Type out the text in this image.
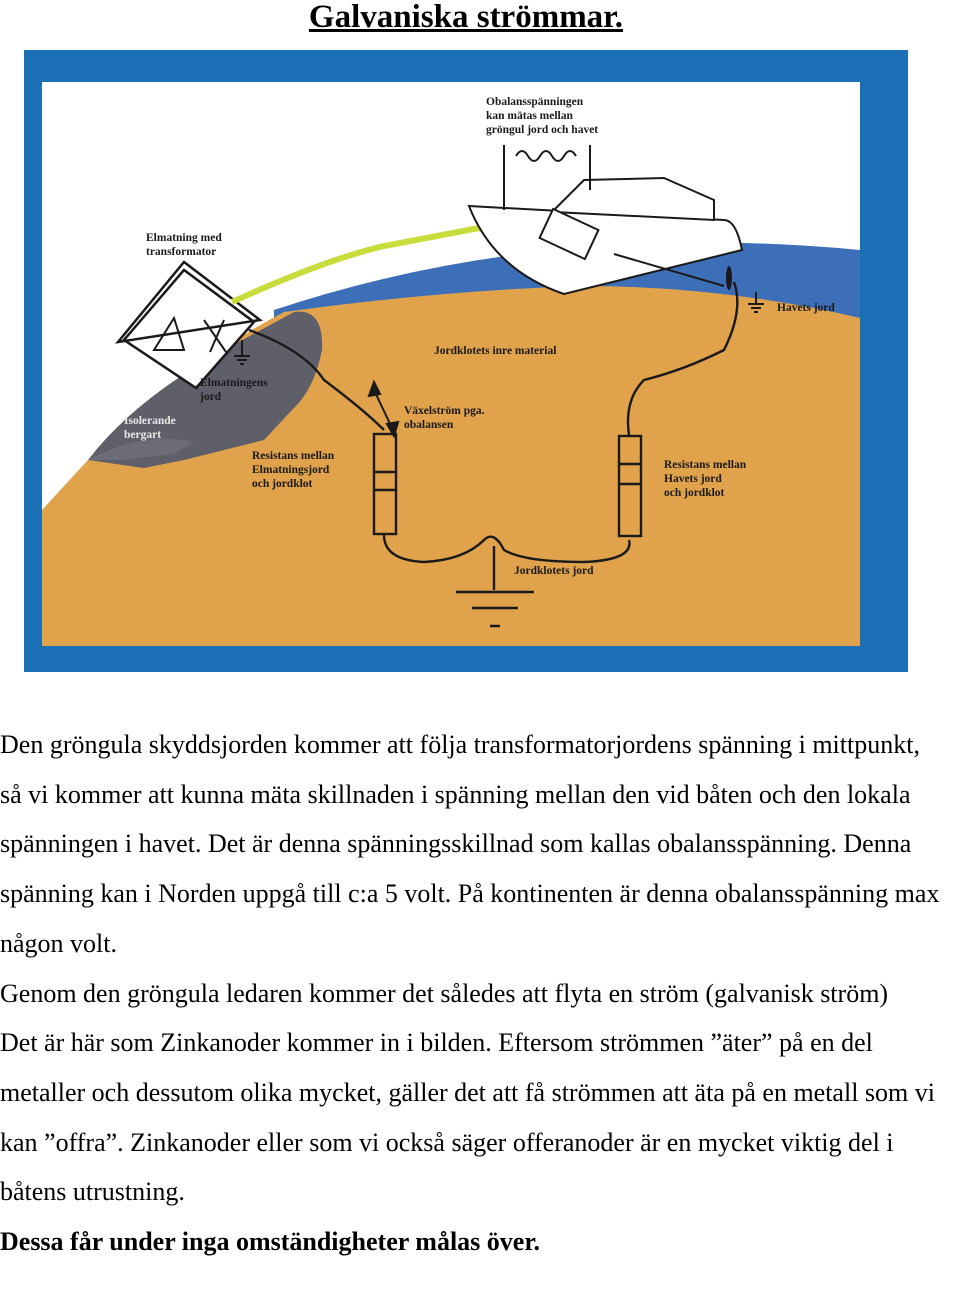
Galvaniska strömmar.
Obalansspänningen
kan mätas mellan
gröngul jord och havet
Elmatning med
transformator
Havets jord
Jordklotets inre material
Elmatningens
jord
Isolerande
bergart
Växelström pga.
obalansen
Resistans mellan
Elmatningsjord
och jordklot
Resistans mellan
Havets jord
och jordklot
Jordklotets jord

Den gröngula skyddsjorden kommer att följa transformatorjordens spänning i mittpunkt, så vi kommer att kunna mäta skillnaden i spänning mellan den vid båten och den lokala spänningen i havet. Det är denna spänningsskillnad som kallas obalansspänning. Denna spänning kan i Norden uppgå till c:a 5 volt. På kontinenten är denna obalansspänning max någon volt.

Genom den gröngula ledaren kommer det således att flyta en ström (galvanisk ström)

Det är här som Zinkanoder kommer in i bilden. Eftersom strömmen ”äter” på en del metaller och dessutom olika mycket, gäller det att få strömmen att äta på en metall som vi kan ”offra”. Zinkanoder eller som vi också säger offeranoder är en mycket viktig del i båtens utrustning.

Dessa får under inga omständigheter målas över.
